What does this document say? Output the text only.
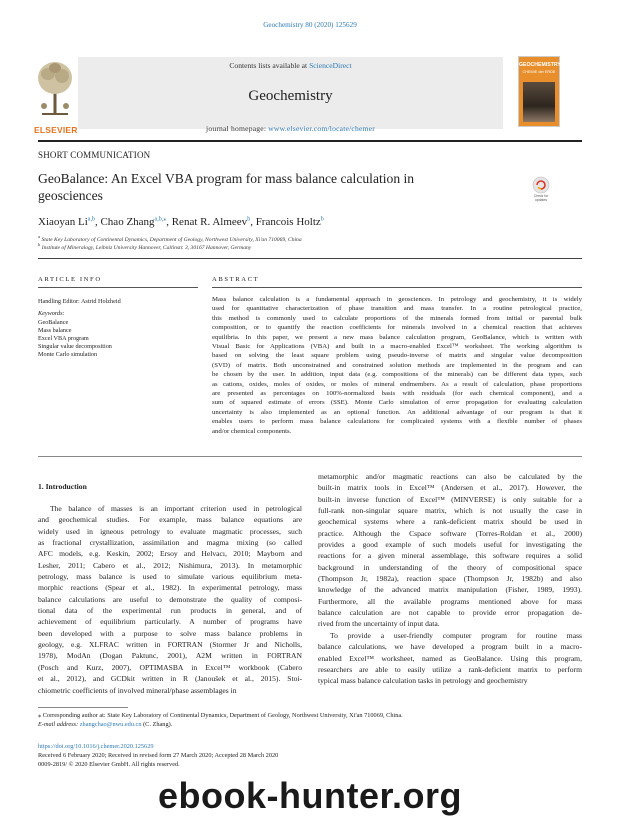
Geochemistry 80 (2020) 125629
ELSEVIER
Contents lists available at ScienceDirect
Geochemistry
journal homepage: www.elsevier.com/locate/chemer
GEOCHEMISTRY
CHEMIE der ERDE
SHORT COMMUNICATION
GeoBalance: An Excel VBA program for mass balance calculation in
geosciences	Check for updates
Xiaoyan Li$^{a,b}$, Chao Zhang$^{a,b,⁎}$, Renat R. Almeev$^b$, Francois Holtz$^b$
$^a$ State Key Laboratory of Continental Dynamics, Department of Geology, Northwest University, Xi'an 710069, China
$^b$ Institute of Mineralogy, Leibniz University Hannover, Callinstr. 3, 30167 Hannover, Germany
ARTICLE INFO	ABSTRACT
Handling Editor: Astrid Holzheid
Keywords:
GeoBalance
Mass balance
Excel VBA program
Singular value decomposition
Monte Carlo simulation
Mass balance calculation is a fundamental approach in geosciences. In petrology and geochemistry, it is widely
used for quantitative characterization of phase transition and mass transfer. In a routine petrological practice,
this method is commonly used to calculate proportions of the minerals formed from initial or parental bulk
composition, or to quantify the reaction coefficients for minerals involved in a chemical reaction that achieves
equilibria. In this paper, we present a new mass balance calculation program, GeoBalance, which is written with
Visual Basic for Applications (VBA) and built in a macro-enabled Excel™ worksheet. The working algorithm is
based on solving the least square problem using pseudo-inverse of matrix and singular value decomposition
(SVD) of matrix. Both unconstrained and constrained solution methods are implemented in the program and can
be chosen by the user. In addition, input data (e.g. compositions of the minerals) can be different data types, such
as cations, oxides, moles of oxides, or moles of mineral endmembers. As a result of calculation, phase proportions
are presented as percentages on 100%-normalized basis with residuals (for each chemical component), and a
sum of squared estimate of errors (SSE). Monte Carlo simulation of error propagation for evaluating calculation
uncertainty is also implemented as an optional function. An additional advantage of our program is that it
enables users to perform mass balance calculations for complicated systems with a flexible number of phases
and/or chemical components.
1. Introduction
The balance of masses is an important criterion used in petrological
and geochemical studies. For example, mass balance equations are
widely used in igneous petrology to evaluate magmatic processes, such
as fractional crystallization, assimilation and magma mixing (so called
AFC models, e.g. Keskin, 2002; Ersoy and Helvacı, 2010; Mayborn and
Lesher, 2011; Cabero et al., 2012; Nishimura, 2013). In metamorphic
petrology, mass balance is used to simulate various equilibrium meta-
morphic reactions (Spear et al., 1982). In experimental petrology, mass
balance calculations are useful to demonstrate the quality of composi-
tional data of the experimental run products in general, and of
achievement of equilibrium particularly. A number of programs have
been developed with a purpose to solve mass balance problems in
geology, e.g. XLFRAC written in FORTRAN (Stormer Jr and Nicholls,
1978), ModAn (Dogan Paktunc, 2001), A2M written in FORTRAN
(Posch and Kurz, 2007), OPTIMASBA in Excel™ workbook (Cabero
et al., 2012), and GCDkit written in R (Janoušek et al., 2015). Stoi-
chiometric coefficients of involved mineral/phase assemblages in
metamorphic and/or magmatic reactions can also be calculated by the
built-in matrix tools in Excel™ (Andersen et al., 2017). However, the
built-in inverse function of Excel™ (MINVERSE) is only suitable for a
full-rank non-singular square matrix, which is not usually the case in
geochemical systems where a rank-deficient matrix should be used in
practice. Although the Cspace software (Torres-Roldan et al., 2000)
provides a good example of such models useful for investigating the
reactions for a given mineral assemblage, this software requires a solid
background in understanding of the theory of compositional space
(Thompson Jr, 1982a), reaction space (Thompson Jr, 1982b) and also
knowledge of the advanced matrix manipulation (Fisher, 1989, 1993).
Furthermore, all the available programs mentioned above for mass
balance calculation are not capable to provide error propagation de-
rived from the uncertainty of input data.
To provide a user-friendly computer program for routine mass
balance calculations, we have developed a program built in a macro-
enabled Excel™ worksheet, named as GeoBalance. Using this program,
researchers are able to easily utilize a rank-deficient matrix to perform
typical mass balance calculation tasks in petrology and geochemistry
⁎ Corresponding author at: State Key Laboratory of Continental Dynamics, Department of Geology, Northwest University, Xi'an 710069, China.
E-mail address: zhangchao@nwu.edu.cn (C. Zhang).
https://doi.org/10.1016/j.chemer.2020.125629
Received 6 February 2020; Received in revised form 27 March 2020; Accepted 28 March 2020
0009-2819/ © 2020 Elsevier GmbH. All rights reserved.
ebook-hunter.org
